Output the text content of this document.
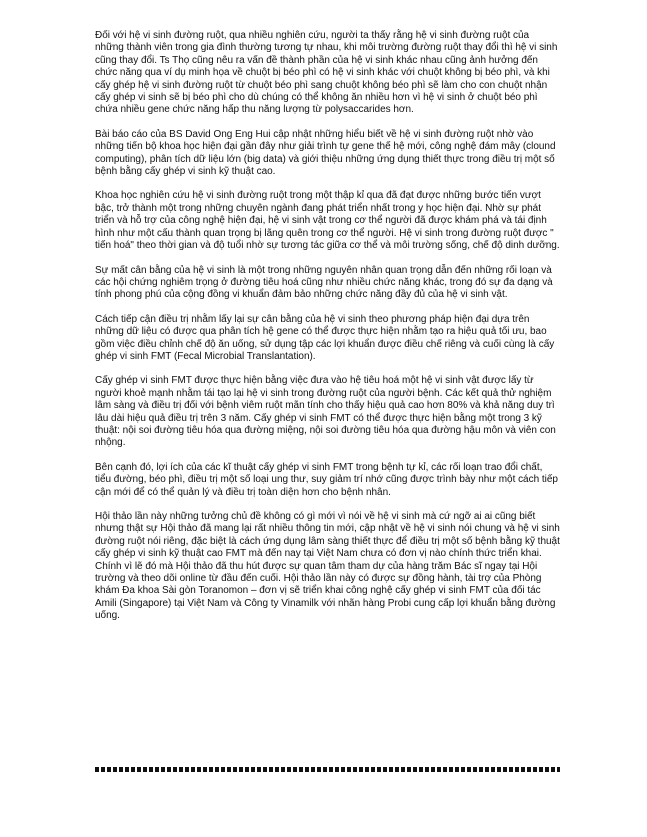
Đối với hệ vi sinh đường ruột, qua nhiều nghiên cứu, người ta thấy rằng hệ vi sinh đường ruột của những thành viên trong gia đình thường tương tự nhau, khi môi trường đường ruột thay đổi thì hệ vi sinh cũng thay đổi. Ts Thọ cũng nêu ra vấn đề thành phần của hệ vi sinh khác nhau cũng ảnh hưởng đến chức năng qua ví dụ minh họa về chuột bị béo phì có hệ vi sinh khác với chuột không bị béo phì, và khi cấy ghép hệ vi sinh đường ruột từ chuột béo phì sang chuột không béo phì sẽ làm cho con chuột nhận cấy ghép vi sinh sẽ bị béo phì cho dù chúng có thể không ăn nhiều hơn vì hệ vi sinh ở chuột béo phì chứa nhiều gene chức năng hấp thu năng lượng từ polysaccarides hơn.

Bài báo cáo của BS David Ong Eng Hui cập nhật những hiểu biết về hệ vi sinh đường ruột nhờ vào những tiến bộ khoa học hiện đại gần đây như giải trình tự gene thế hệ mới, công nghệ đám mây (clound computing), phân tích dữ liệu lớn (big data) và giới thiệu những ứng dụng thiết thực trong điều trị một số bệnh bằng cấy ghép vi sinh kỹ thuật cao.

Khoa học nghiên cứu hệ vi sinh đường ruột trong một thập kỉ qua đã đạt được những bước tiến vượt bậc, trở thành một trong những chuyên ngành đang phát triển nhất trong y học hiện đại. Nhờ sự phát triển và hỗ trợ của công nghệ hiện đại, hệ vi sinh vật trong cơ thể người đã được khám phá và tái định hình như một cấu thành quan trọng bị lãng quên trong cơ thể người. Hệ vi sinh trong đường ruột được " tiến hoá" theo thời gian và độ tuổi nhờ sự tương tác giữa cơ thể và môi trường sống, chế độ dinh dưỡng.

Sự mất cân bằng của hệ vi sinh là một trong những nguyên nhân quan trọng dẫn đến những rối loạn và các hội chứng nghiêm trọng ở đường tiêu hoá cũng như nhiều chức năng khác, trong đó sự đa dạng và tính phong phú của cộng đồng vi khuẩn đảm bảo những chức năng đầy đủ của hệ vi sinh vật.

Cách tiếp cận điều trị nhằm lấy lại sự cân bằng của hệ vi sinh theo phương pháp hiện đại dựa trên những dữ liệu có được qua phân tích hệ gene có thể được thực hiện nhằm tạo ra hiệu quả tối ưu, bao gồm việc điều chỉnh chế độ ăn uống, sử dụng tập các lợi khuẩn được điều chế riêng và cuối cùng là cấy ghép vi sinh FMT (Fecal Microbial Translantation).

Cấy ghép vi sinh FMT được thực hiện bằng việc đưa vào hệ tiêu hoá một hệ vi sinh vật được lấy từ người khoẻ mạnh nhằm tái tạo lại hệ vi sinh trong đường ruột của người bệnh. Các kết quả thử nghiệm lâm sàng và điều trị đối với bệnh viêm ruột mãn tính cho thấy hiệu quả cao hơn 80% và khả năng duy trì lâu dài hiệu quả điều trị trên 3 năm. Cấy ghép vi sinh FMT có thể được thực hiện bằng một trong 3 kỹ thuật: nội soi đường tiêu hóa qua đường miệng, nội soi đường tiêu hóa qua đường hậu môn và viên con nhộng.

Bên cạnh đó, lợi ích của các kĩ thuật cấy ghép vi sinh FMT trong bệnh tự kỉ, các rối loạn trao đổi chất, tiểu đường, béo phì, điều trị một số loại ung thư, suy giảm trí nhớ cũng được trình bày như một cách tiếp cận mới để có thể quản lý và điều trị toàn diện hơn cho bệnh nhân.

Hội thảo lần này những tưởng chủ đề không có gì mới vì nói về hệ vi sinh mà cứ ngỡ ai ai cũng biết nhưng thật sự Hội thảo đã mang lại rất nhiều thông tin mới, cập nhật về hệ vi sinh nói chung và hệ vi sinh đường ruột nói riêng, đặc biệt là cách ứng dụng lâm sàng thiết thực để điều trị một số bệnh bằng kỹ thuật cấy ghép vi sinh kỹ thuật cao FMT mà đến nay tại Việt Nam chưa có đơn vị nào chính thức triển khai. Chính vì lẽ đó mà Hội thảo đã thu hút được sự quan tâm tham dự của hàng trăm Bác sĩ ngay tại Hội trường và theo dõi online từ đầu đến cuối. Hội thảo lần này có được sự đồng hành, tài trợ của Phòng khám Đa khoa Sài gòn Toranomon – đơn vị sẽ triển khai công nghệ cấy ghép vi sinh FMT của đối tác Amili (Singapore) tại Việt Nam và Công ty Vinamilk với nhãn hàng Probi cung cấp lợi khuẩn bằng đường uống.
